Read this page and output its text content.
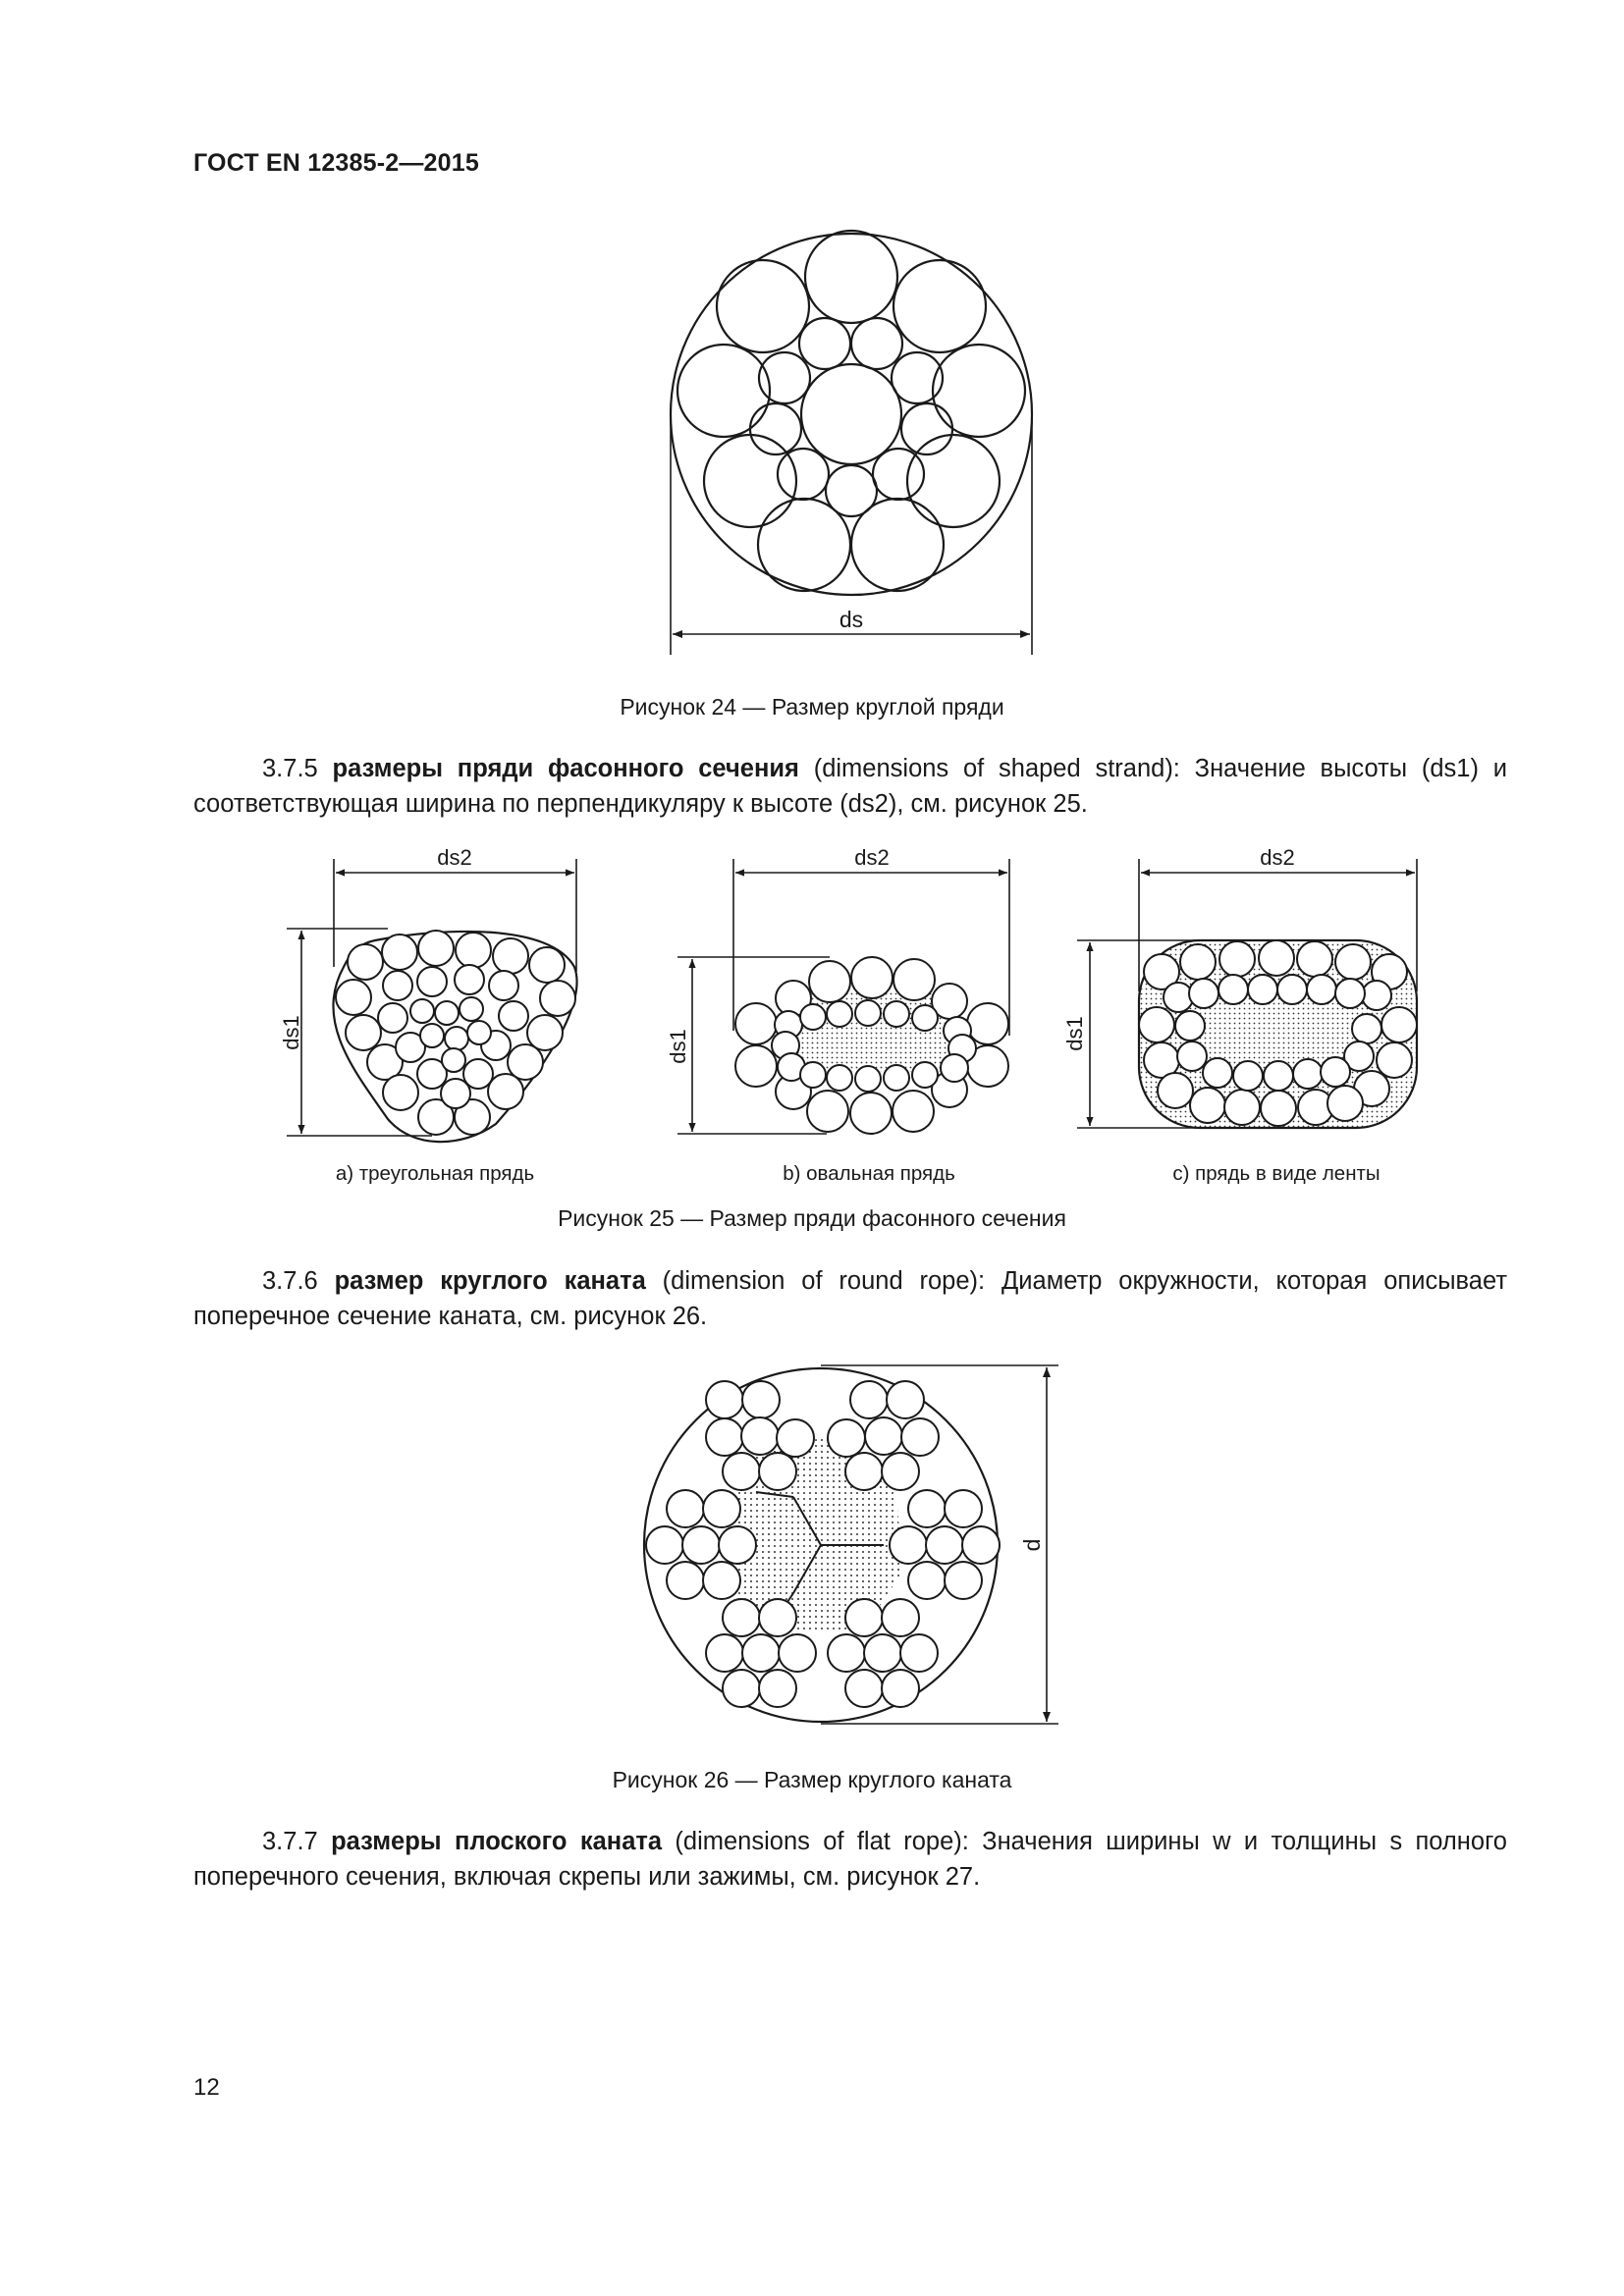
ГОСТ EN 12385-2—2015
ds
Рисунок 24 — Размер круглой пряди
3.7.5 размеры пряди фасонного сечения (dimensions of shaped strand): Значение высоты (ds1) и соответствующая ширина по перпендикуляру к высоте (ds2), см. рисунок 25.
ds2
ds1
ds2
ds1
ds2
ds1
a) треугольная прядь	b) овальная прядь	c) прядь в виде ленты
Рисунок 25 — Размер пряди фасонного сечения
3.7.6 размер круглого каната (dimension of round rope): Диаметр окружности, которая описывает поперечное сечение каната, см. рисунок 26.
d
Рисунок 26 — Размер круглого каната
3.7.7 размеры плоского каната (dimensions of flat rope): Значения ширины w и толщины s полного поперечного сечения, включая скрепы или зажимы, см. рисунок 27.
12
